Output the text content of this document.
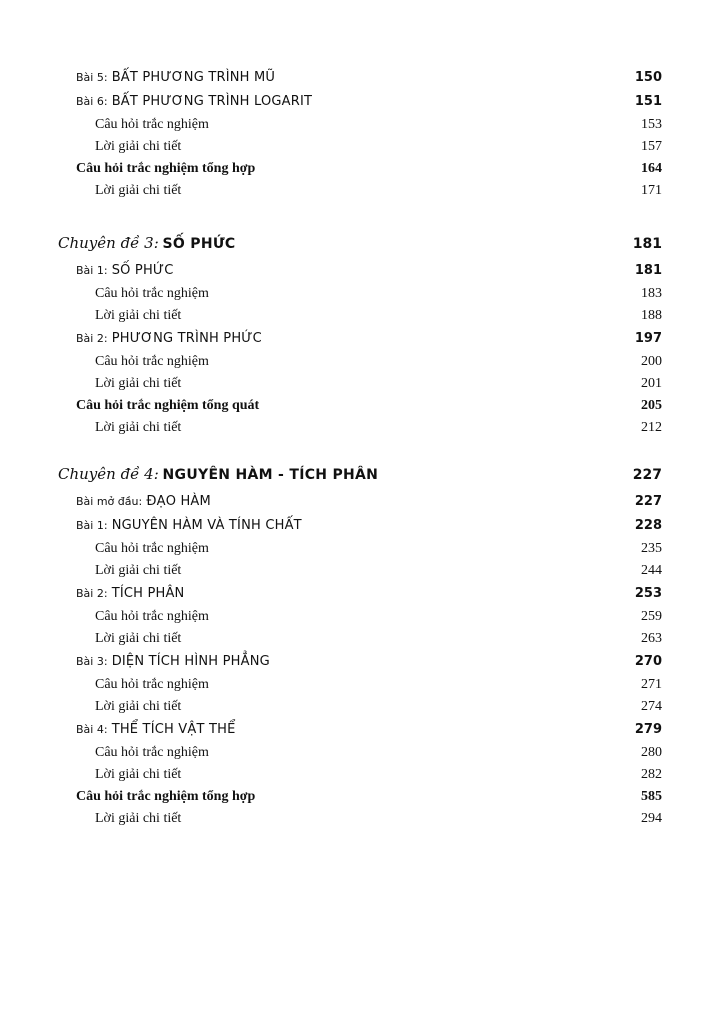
Bài 5: BẤT PHƯƠNG TRÌNH MŨ	150
Bài 6: BẤT PHƯƠNG TRÌNH LOGARIT	151
Câu hỏi trắc nghiệm	153
Lời giải chi tiết	157
Câu hỏi trắc nghiệm tổng hợp	164
Lời giải chi tiết	171
Chuyên đề 3: SỐ PHỨC	181
Bài 1: SỐ PHỨC	181
Câu hỏi trắc nghiệm	183
Lời giải chi tiết	188
Bài 2: PHƯƠNG TRÌNH PHỨC	197
Câu hỏi trắc nghiệm	200
Lời giải chi tiết	201
Câu hỏi trắc nghiệm tổng quát	205
Lời giải chi tiết	212
Chuyên đề 4: NGUYÊN HÀM - TÍCH PHÂN	227
Bài mở đầu: ĐẠO HÀM	227
Bài 1: NGUYÊN HÀM VÀ TÍNH CHẤT	228
Câu hỏi trắc nghiệm	235
Lời giải chi tiết	244
Bài 2: TÍCH PHÂN	253
Câu hỏi trắc nghiệm	259
Lời giải chi tiết	263
Bài 3: DIỆN TÍCH HÌNH PHẲNG	270
Câu hỏi trắc nghiệm	271
Lời giải chi tiết	274
Bài 4: THỂ TÍCH VẬT THỂ	279
Câu hỏi trắc nghiệm	280
Lời giải chi tiết	282
Câu hỏi trắc nghiệm tổng hợp	585
Lời giải chi tiết	294
